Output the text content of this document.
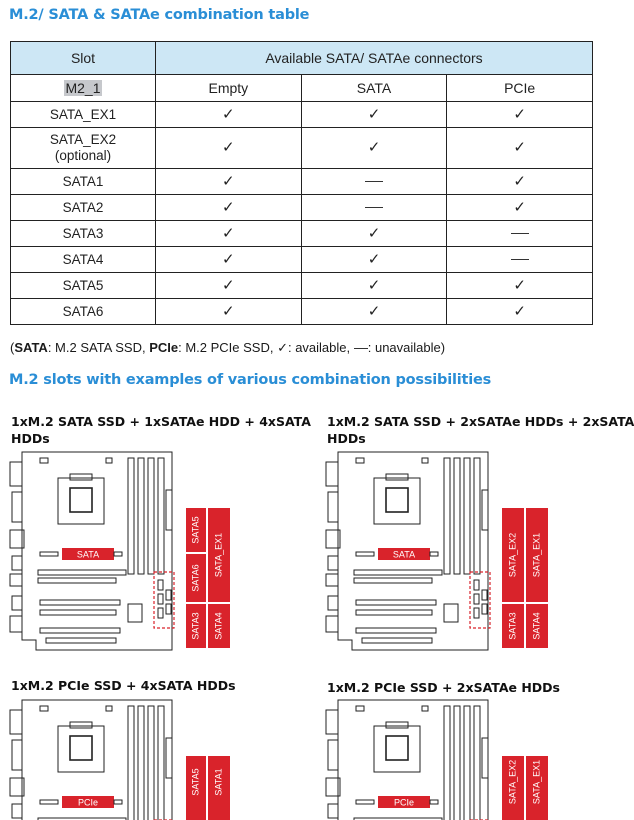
M.2/ SATA & SATAe combination table
Slot	Available SATA/ SATAe connectors		
M2_1	Empty	SATA	PCIe
SATA_EX1	✓	✓	✓
SATA_EX2
(optional)	✓	✓	✓
SATA1	✓		✓
SATA2	✓		✓
SATA3	✓	✓	
SATA4	✓	✓	
SATA5	✓	✓	✓
SATA6	✓	✓	✓

(SATA: M.2 SATA SSD, PCIe: M.2 PCIe SSD, ✓: available, : unavailable)

M.2 slots with examples of various combination possibilities
1xM.2 SATA SSD + 1xSATAe HDD + 4xSATA
HDDs
1xM.2 SATA SSD + 2xSATAe HDDs + 2xSATA
HDDs
1xM.2 PCIe SSD + 4xSATA HDDs	1xM.2 PCIe SSD + 2xSATAe HDDs
SATA
SATA5
SATA6
SATA_EX1
SATA3 SATA4
SATA	SATA_EX2 SATA_EX1
SATA3 SATA4
PCIe
SATA5 SATA1
PCIe	SATA_EX2 SATA_EX1
